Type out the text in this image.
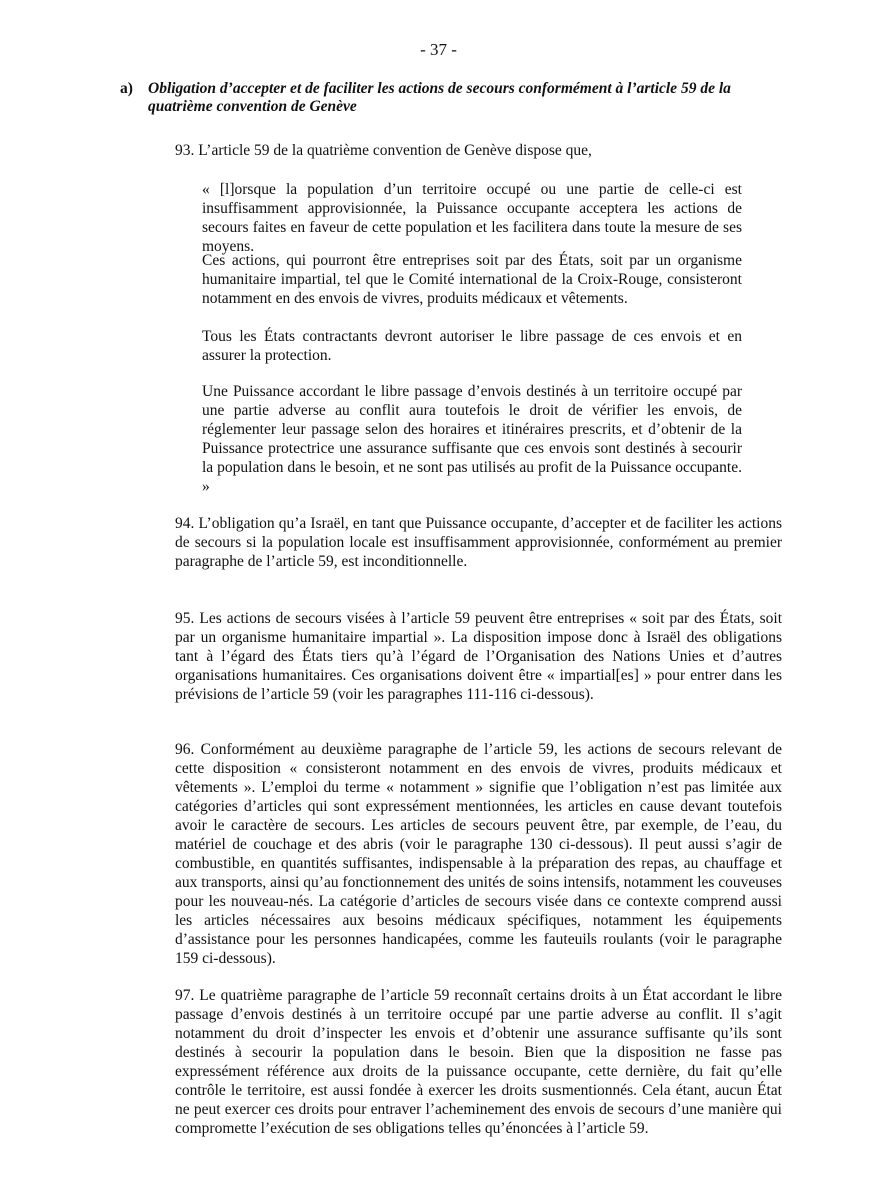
- 37 -
a) Obligation d’accepter et de faciliter les actions de secours conformément à l’article 59 de la quatrième convention de Genève
93. L’article 59 de la quatrième convention de Genève dispose que,
« [l]orsque la population d’un territoire occupé ou une partie de celle-ci est insuffisamment approvisionnée, la Puissance occupante acceptera les actions de secours faites en faveur de cette population et les facilitera dans toute la mesure de ses moyens.
Ces actions, qui pourront être entreprises soit par des États, soit par un organisme humanitaire impartial, tel que le Comité international de la Croix-Rouge, consisteront notamment en des envois de vivres, produits médicaux et vêtements.
Tous les États contractants devront autoriser le libre passage de ces envois et en assurer la protection.
Une Puissance accordant le libre passage d’envois destinés à un territoire occupé par une partie adverse au conflit aura toutefois le droit de vérifier les envois, de réglementer leur passage selon des horaires et itinéraires prescrits, et d’obtenir de la Puissance protectrice une assurance suffisante que ces envois sont destinés à secourir la population dans le besoin, et ne sont pas utilisés au profit de la Puissance occupante. »
94. L’obligation qu’a Israël, en tant que Puissance occupante, d’accepter et de faciliter les actions de secours si la population locale est insuffisamment approvisionnée, conformément au premier paragraphe de l’article 59, est inconditionnelle.
95. Les actions de secours visées à l’article 59 peuvent être entreprises « soit par des États, soit par un organisme humanitaire impartial ». La disposition impose donc à Israël des obligations tant à l’égard des États tiers qu’à l’égard de l’Organisation des Nations Unies et d’autres organisations humanitaires. Ces organisations doivent être « impartial[es] » pour entrer dans les prévisions de l’article 59 (voir les paragraphes 111-116 ci-dessous).
96. Conformément au deuxième paragraphe de l’article 59, les actions de secours relevant de cette disposition « consisteront notamment en des envois de vivres, produits médicaux et vêtements ». L’emploi du terme « notamment » signifie que l’obligation n’est pas limitée aux catégories d’articles qui sont expressément mentionnées, les articles en cause devant toutefois avoir le caractère de secours. Les articles de secours peuvent être, par exemple, de l’eau, du matériel de couchage et des abris (voir le paragraphe 130 ci-dessous). Il peut aussi s’agir de combustible, en quantités suffisantes, indispensable à la préparation des repas, au chauffage et aux transports, ainsi qu’au fonctionnement des unités de soins intensifs, notamment les couveuses pour les nouveau-nés. La catégorie d’articles de secours visée dans ce contexte comprend aussi les articles nécessaires aux besoins médicaux spécifiques, notamment les équipements d’assistance pour les personnes handicapées, comme les fauteuils roulants (voir le paragraphe 159 ci-dessous).
97. Le quatrième paragraphe de l’article 59 reconnaît certains droits à un État accordant le libre passage d’envois destinés à un territoire occupé par une partie adverse au conflit. Il s’agit notamment du droit d’inspecter les envois et d’obtenir une assurance suffisante qu’ils sont destinés à secourir la population dans le besoin. Bien que la disposition ne fasse pas expressément référence aux droits de la puissance occupante, cette dernière, du fait qu’elle contrôle le territoire, est aussi fondée à exercer les droits susmentionnés. Cela étant, aucun État ne peut exercer ces droits pour entraver l’acheminement des envois de secours d’une manière qui compromette l’exécution de ses obligations telles qu’énoncées à l’article 59.
